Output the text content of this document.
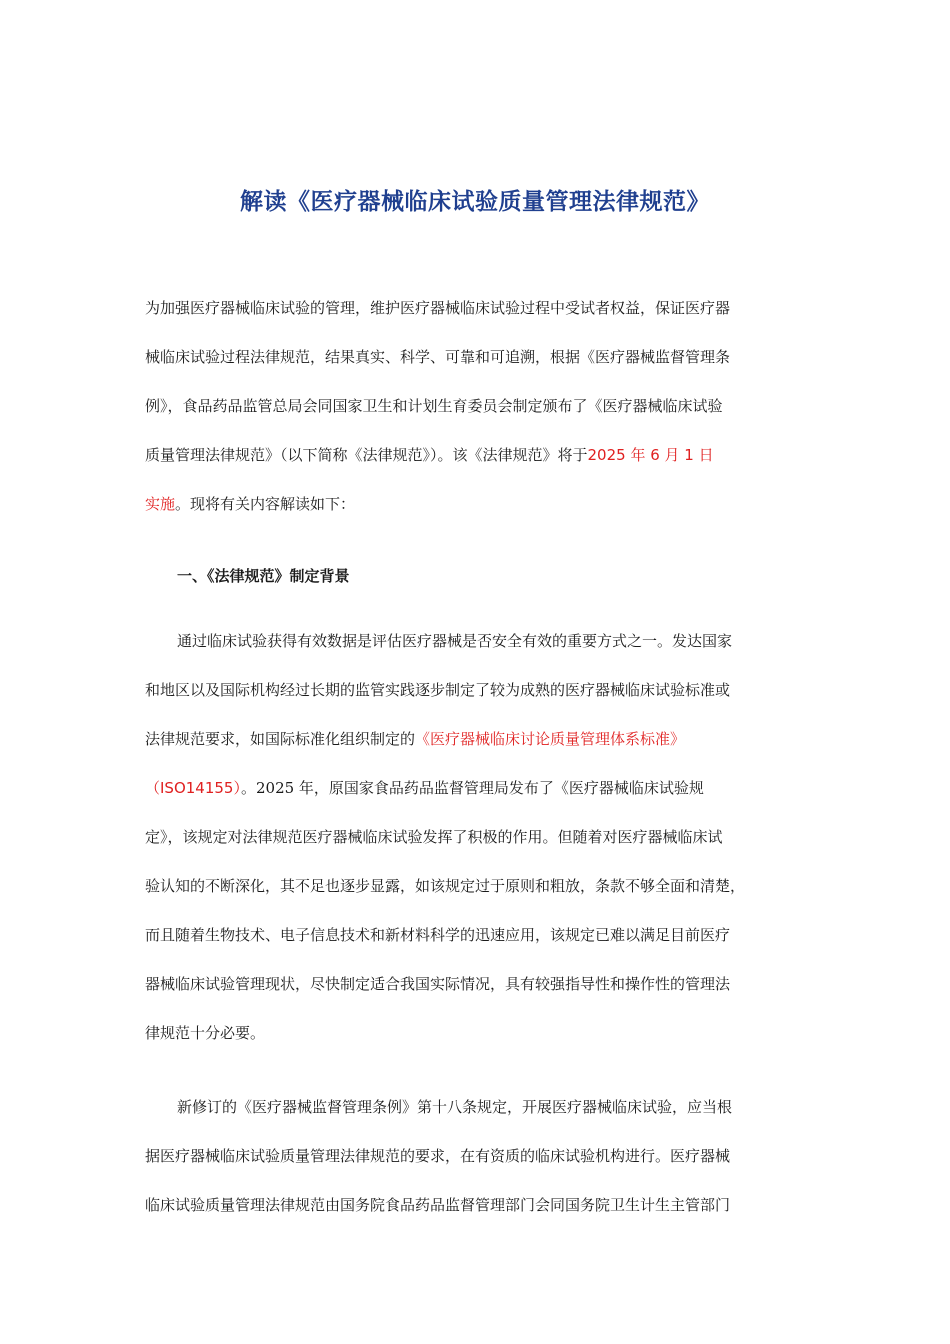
解读《医疗器械临床试验质量管理法律规范》
为加强医疗器械临床试验的管理，维护医疗器械临床试验过程中受试者权益，保证医疗器
械临床试验过程法律规范，结果真实、科学、可靠和可追溯，根据《医疗器械监督管理条
例》，食品药品监管总局会同国家卫生和计划生育委员会制定颁布了《医疗器械临床试验
质量管理法律规范》（以下简称《法律规范》）。该《法律规范》将于2025 年 6 月 1 日
实施。现将有关内容解读如下：
一、《法律规范》制定背景
通过临床试验获得有效数据是评估医疗器械是否安全有效的重要方式之一。发达国家
和地区以及国际机构经过长期的监管实践逐步制定了较为成熟的医疗器械临床试验标准或
法律规范要求，如国际标准化组织制定的《医疗器械临床讨论质量管理体系标准》
（ISO14155）。2025 年，原国家食品药品监督管理局发布了《医疗器械临床试验规
定》，该规定对法律规范医疗器械临床试验发挥了积极的作用。但随着对医疗器械临床试
验认知的不断深化，其不足也逐步显露，如该规定过于原则和粗放，条款不够全面和清楚，
而且随着生物技术、电子信息技术和新材料科学的迅速应用，该规定已难以满足目前医疗
器械临床试验管理现状，尽快制定适合我国实际情况，具有较强指导性和操作性的管理法
律规范十分必要。
新修订的《医疗器械监督管理条例》第十八条规定，开展医疗器械临床试验，应当根
据医疗器械临床试验质量管理法律规范的要求，在有资质的临床试验机构进行。医疗器械
临床试验质量管理法律规范由国务院食品药品监督管理部门会同国务院卫生计生主管部门
